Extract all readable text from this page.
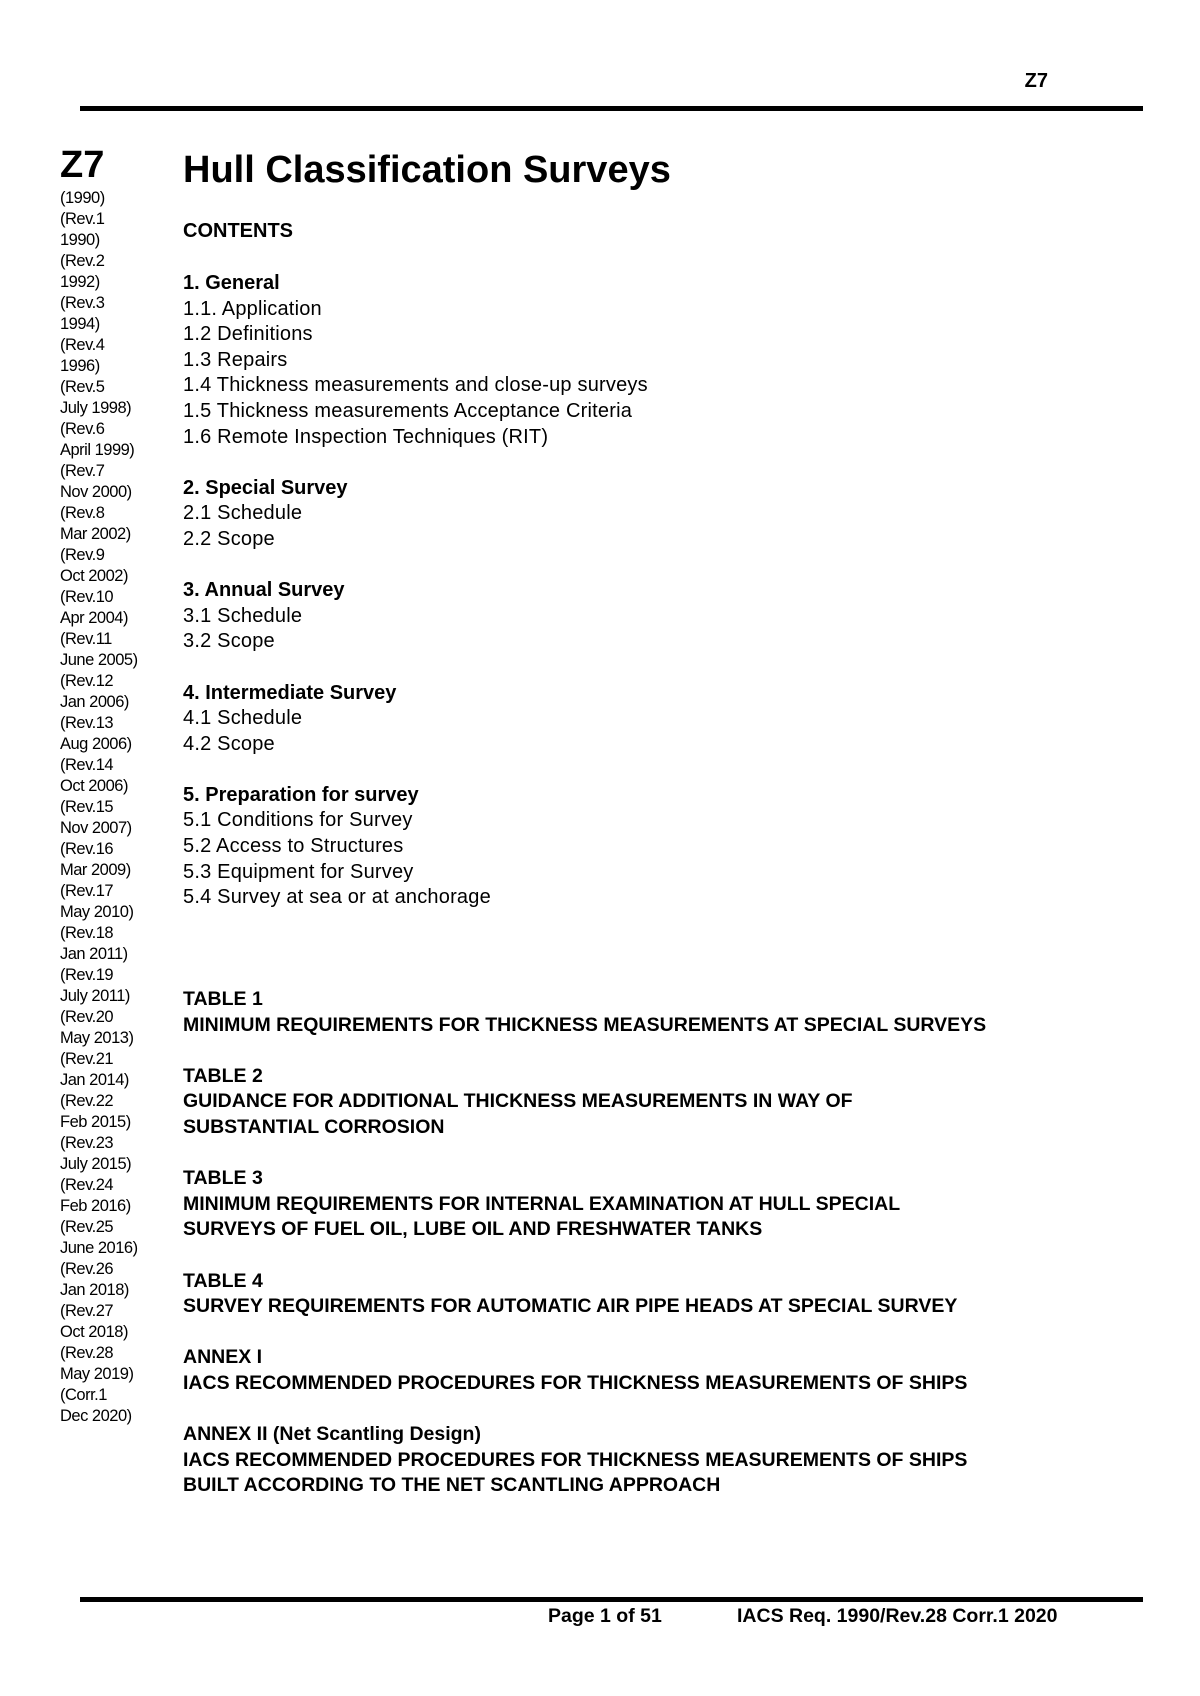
Z7
Z7
(1990)
(Rev.1
1990)
(Rev.2
1992)
(Rev.3
1994)
(Rev.4
1996)
(Rev.5
July 1998)
(Rev.6
April 1999)
(Rev.7
Nov 2000)
(Rev.8
Mar 2002)
(Rev.9
Oct 2002)
(Rev.10
Apr 2004)
(Rev.11
June 2005)
(Rev.12
Jan 2006)
(Rev.13
Aug 2006)
(Rev.14
Oct 2006)
(Rev.15
Nov 2007)
(Rev.16
Mar 2009)
(Rev.17
May 2010)
(Rev.18
Jan 2011)
(Rev.19
July 2011)
(Rev.20
May 2013)
(Rev.21
Jan 2014)
(Rev.22
Feb 2015)
(Rev.23
July 2015)
(Rev.24
Feb 2016)
(Rev.25
June 2016)
(Rev.26
Jan 2018)
(Rev.27
Oct 2018)
(Rev.28
May 2019)
(Corr.1
Dec 2020)
Hull Classification Surveys
CONTENTS
1. General
1.1. Application
1.2 Definitions
1.3 Repairs
1.4 Thickness measurements and close-up surveys
1.5 Thickness measurements Acceptance Criteria
1.6 Remote Inspection Techniques (RIT)
2. Special Survey
2.1 Schedule
2.2 Scope
3. Annual Survey
3.1 Schedule
3.2 Scope
4. Intermediate Survey
4.1 Schedule
4.2 Scope
5. Preparation for survey
5.1 Conditions for Survey
5.2 Access to Structures
5.3 Equipment for Survey
5.4 Survey at sea or at anchorage
TABLE 1
MINIMUM REQUIREMENTS FOR THICKNESS MEASUREMENTS AT SPECIAL SURVEYS
TABLE 2
GUIDANCE FOR ADDITIONAL THICKNESS MEASUREMENTS IN WAY OF
SUBSTANTIAL CORROSION
TABLE 3
MINIMUM REQUIREMENTS FOR INTERNAL EXAMINATION AT HULL SPECIAL
SURVEYS OF FUEL OIL, LUBE OIL AND FRESHWATER TANKS
TABLE 4
SURVEY REQUIREMENTS FOR AUTOMATIC AIR PIPE HEADS AT SPECIAL SURVEY
ANNEX I
IACS RECOMMENDED PROCEDURES FOR THICKNESS MEASUREMENTS OF SHIPS
ANNEX II (Net Scantling Design)
IACS RECOMMENDED PROCEDURES FOR THICKNESS MEASUREMENTS OF SHIPS
BUILT ACCORDING TO THE NET SCANTLING APPROACH
Page 1 of 51	IACS Req. 1990/Rev.28 Corr.1 2020
